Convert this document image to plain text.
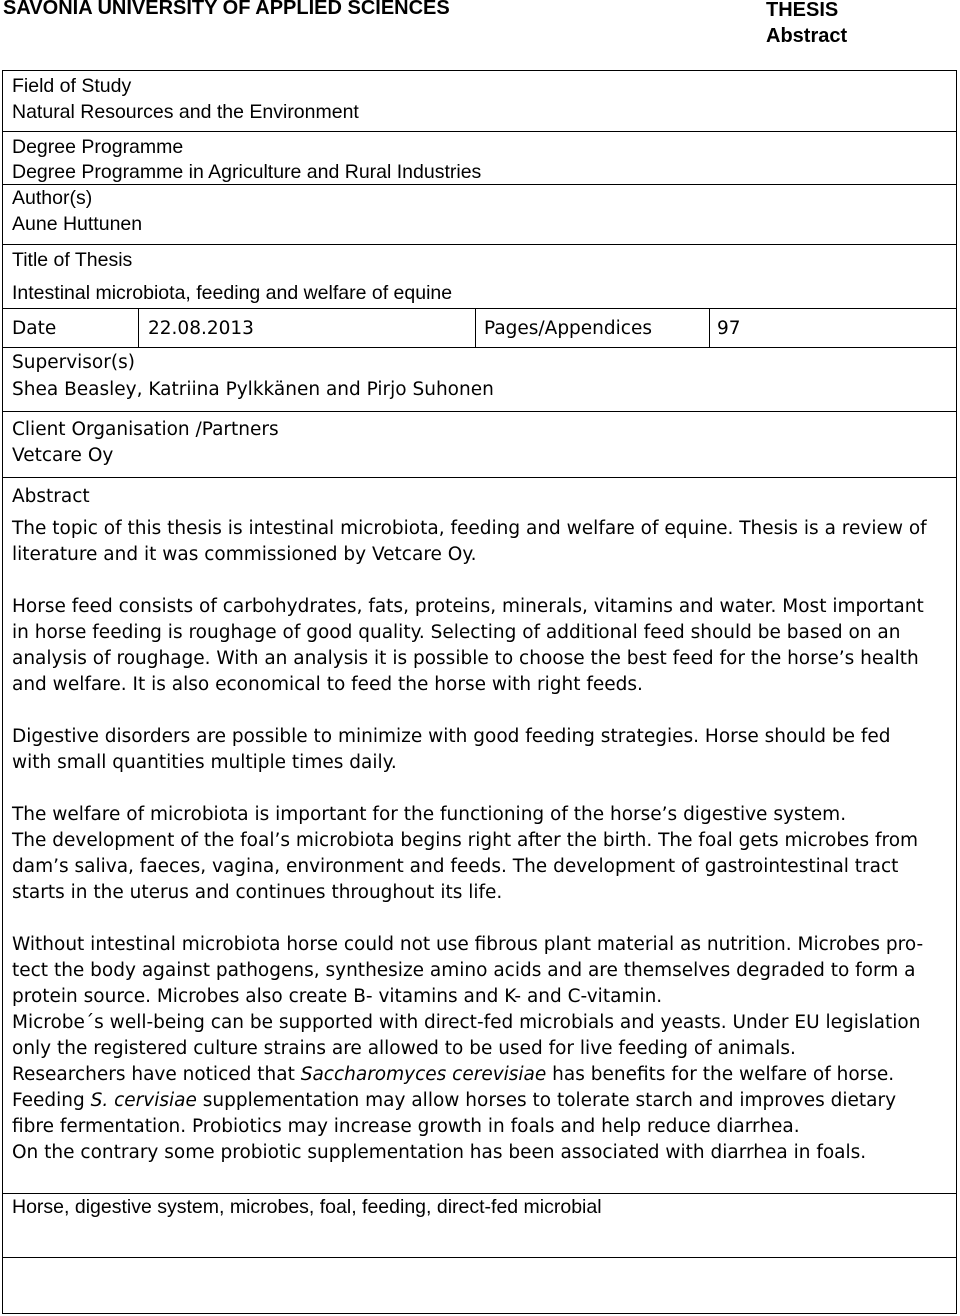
SAVONIA UNIVERSITY OF APPLIED SCIENCES	THESIS
Abstract
Field of Study
Natural Resources and the Environment
Degree Programme
Degree Programme in Agriculture and Rural Industries
Author(s)
Aune Huttunen
Title of Thesis
Intestinal microbiota, feeding and welfare of equine
Date	22.08.2013	Pages/Appendices	97
Supervisor(s)
Shea Beasley, Katriina Pylkkänen and Pirjo Suhonen
Client Organisation /Partners
Vetcare Oy
Abstract

The topic of this thesis is intestinal microbiota, feeding and welfare of equine. Thesis is a review of

literature and it was commissioned by Vetcare Oy.

Horse feed consists of carbohydrates, fats, proteins, minerals, vitamins and water. Most important

in horse feeding is roughage of good quality. Selecting of additional feed should be based on an

analysis of roughage. With an analysis it is possible to choose the best feed for the horse’s health

and welfare. It is also economical to feed the horse with right feeds.

Digestive disorders are possible to minimize with good feeding strategies. Horse should be fed

with small quantities multiple times daily.

The welfare of microbiota is important for the functioning of the horse’s digestive system.

The development of the foal’s microbiota begins right after the birth. The foal gets microbes from

dam’s saliva, faeces, vagina, environment and feeds. The development of gastrointestinal tract

starts in the uterus and continues throughout its life.

Without intestinal microbiota horse could not use fibrous plant material as nutrition. Microbes pro-

tect the body against pathogens, synthesize amino acids and are themselves degraded to form a

protein source. Microbes also create B- vitamins and K- and C-vitamin.

Microbe´s well-being can be supported with direct-fed microbials and yeasts. Under EU legislation

only the registered culture strains are allowed to be used for live feeding of animals.

Researchers have noticed that Saccharomyces cerevisiae has benefits for the welfare of horse.

Feeding S. cervisiae supplementation may allow horses to tolerate starch and improves dietary

fibre fermentation. Probiotics may increase growth in foals and help reduce diarrhea.

On the contrary some probiotic supplementation has been associated with diarrhea in foals.

Horse, digestive system, microbes, foal, feeding, direct-fed microbial
